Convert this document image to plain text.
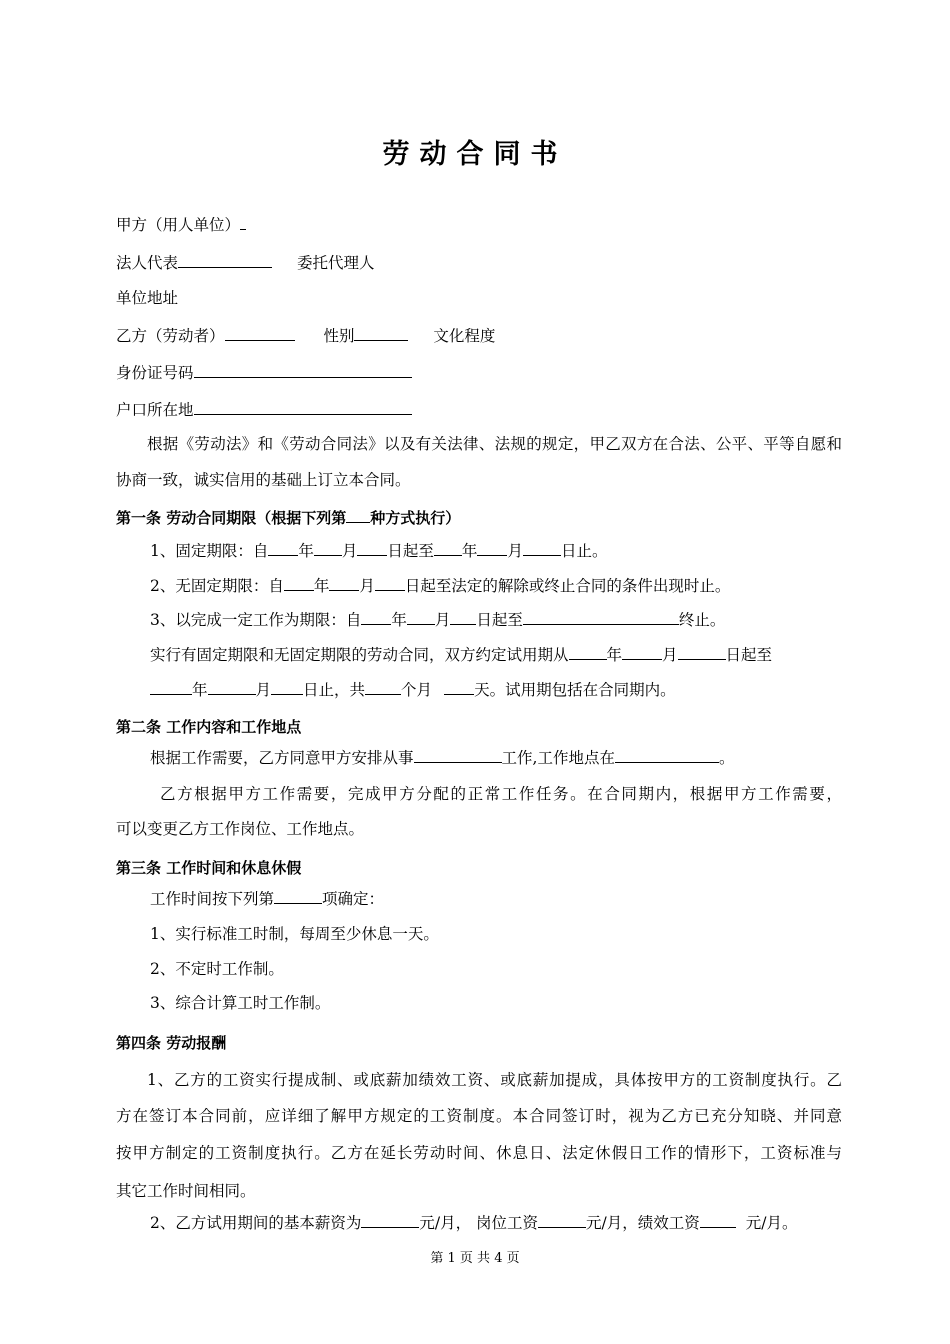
劳动合同书
甲方（用人单位）
法人代表	委托代理人
单位地址
乙方（劳动者）	性别	文化程度
身份证号码
户口所在地
根据《劳动法》和《劳动合同法》以及有关法律、法规的规定，甲乙双方在合法、公平、平等自愿和
协商一致，诚实信用的基础上订立本合同。
第一条 劳动合同期限（根据下列第 种方式执行）
1、固定期限：自 年 月 日起至 年 月 日止。
2、无固定期限：自 年 月 日起至法定的解除或终止合同的条件出现时止。
3、以完成一定工作为期限：自 年 月 日起至	终止。
实行有固定期限和无固定期限的劳动合同，双方约定试用期从 年	月	日起至
年	月 日止，共 个月	天。试用期包括在合同期内。
第二条 工作内容和工作地点
根据工作需要，乙方同意甲方安排从事	工作,工作地点在	。
乙方根据甲方工作需要，完成甲方分配的正常工作任务。在合同期内，根据甲方工作需要，
可以变更乙方工作岗位、工作地点。
第三条 工作时间和休息休假
工作时间按下列第	项确定：
1、实行标准工时制，每周至少休息一天。
2、不定时工作制。
3、综合计算工时工作制。
第四条 劳动报酬
1、乙方的工资实行提成制、或底薪加绩效工资、或底薪加提成，具体按甲方的工资制度执行。乙
方在签订本合同前，应详细了解甲方规定的工资制度。本合同签订时，视为乙方已充分知晓、并同意
按甲方制定的工资制度执行。乙方在延长劳动时间、休息日、法定休假日工作的情形下，工资标准与
其它工作时间相同。
2、乙方试用期间的基本薪资为	元/月， 岗位工资	元/月，绩效工资	元/月。
第 1 页 共 4 页
